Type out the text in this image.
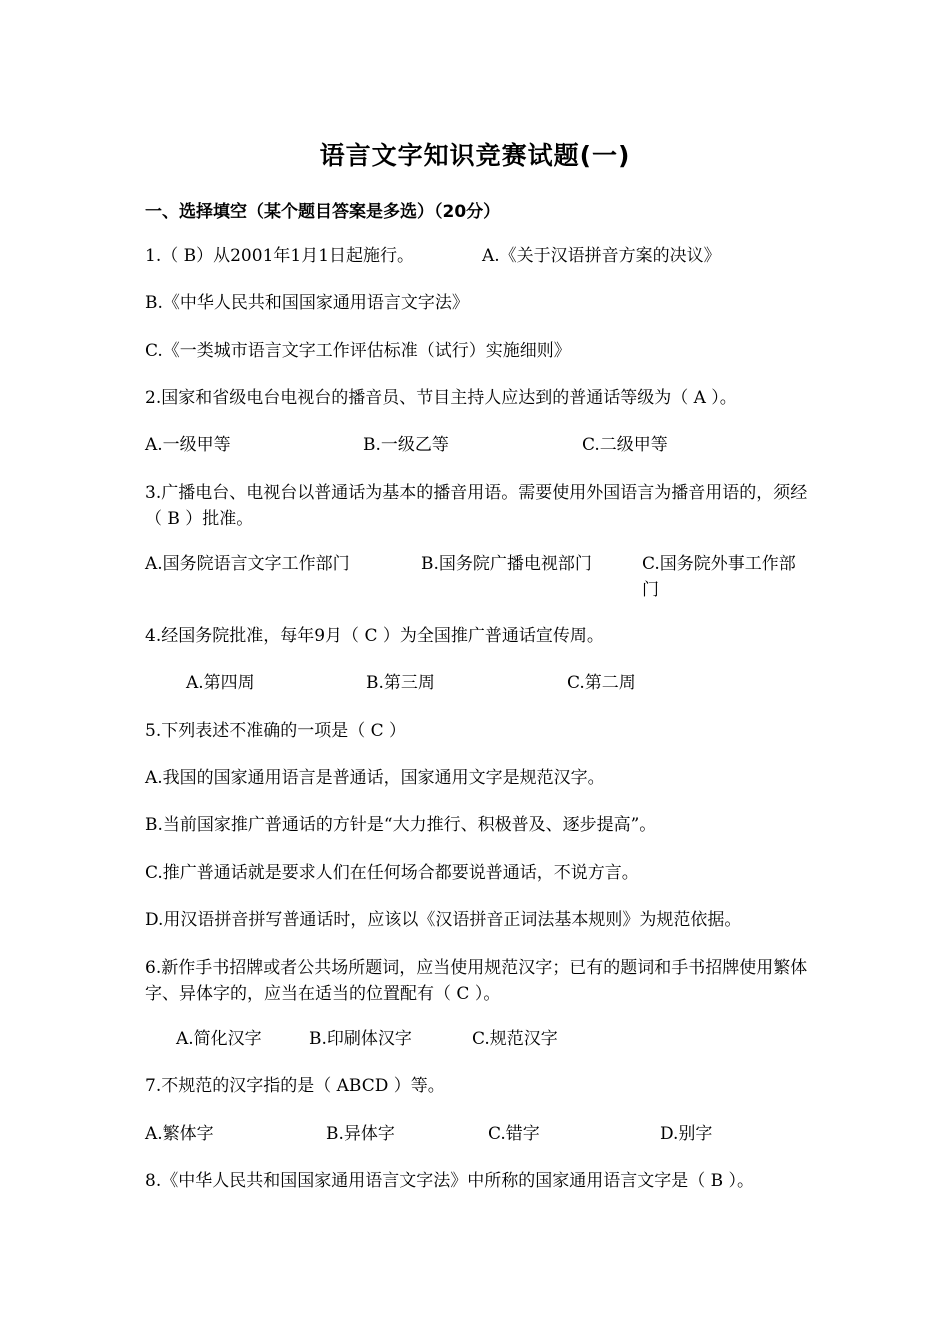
语言文字知识竞赛试题(一)
一、选择填空（某个题目答案是多选）（20分）
1.（ B）从2001年1月1日起施行。	A.《关于汉语拼音方案的决议》
B.《中华人民共和国国家通用语言文字法》
C.《一类城市语言文字工作评估标准（试行）实施细则》
2.国家和省级电台电视台的播音员、节目主持人应达到的普通话等级为（ A ）。
A.一级甲等	B.一级乙等	C.二级甲等
3.广播电台、电视台以普通话为基本的播音用语。需要使用外国语言为播音用语的，须经（ B ）批准。
A.国务院语言文字工作部门	B.国务院广播电视部门	C.国务院外事工作部门
4.经国务院批准，每年9月（ C ）为全国推广普通话宣传周。
A.第四周	B.第三周	C.第二周
5.下列表述不准确的一项是（ C ）
A.我国的国家通用语言是普通话，国家通用文字是规范汉字。
B.当前国家推广普通话的方针是“大力推行、积极普及、逐步提高”。
C.推广普通话就是要求人们在任何场合都要说普通话，不说方言。
D.用汉语拼音拼写普通话时，应该以《汉语拼音正词法基本规则》为规范依据。
6.新作手书招牌或者公共场所题词，应当使用规范汉字；已有的题词和手书招牌使用繁体字、异体字的，应当在适当的位置配有（ C ）。
A.简化汉字	B.印刷体汉字	C.规范汉字
7.不规范的汉字指的是（ ABCD ）等。
A.繁体字	B.异体字	C.错字	D.别字
8.《中华人民共和国国家通用语言文字法》中所称的国家通用语言文字是（ B ）。
